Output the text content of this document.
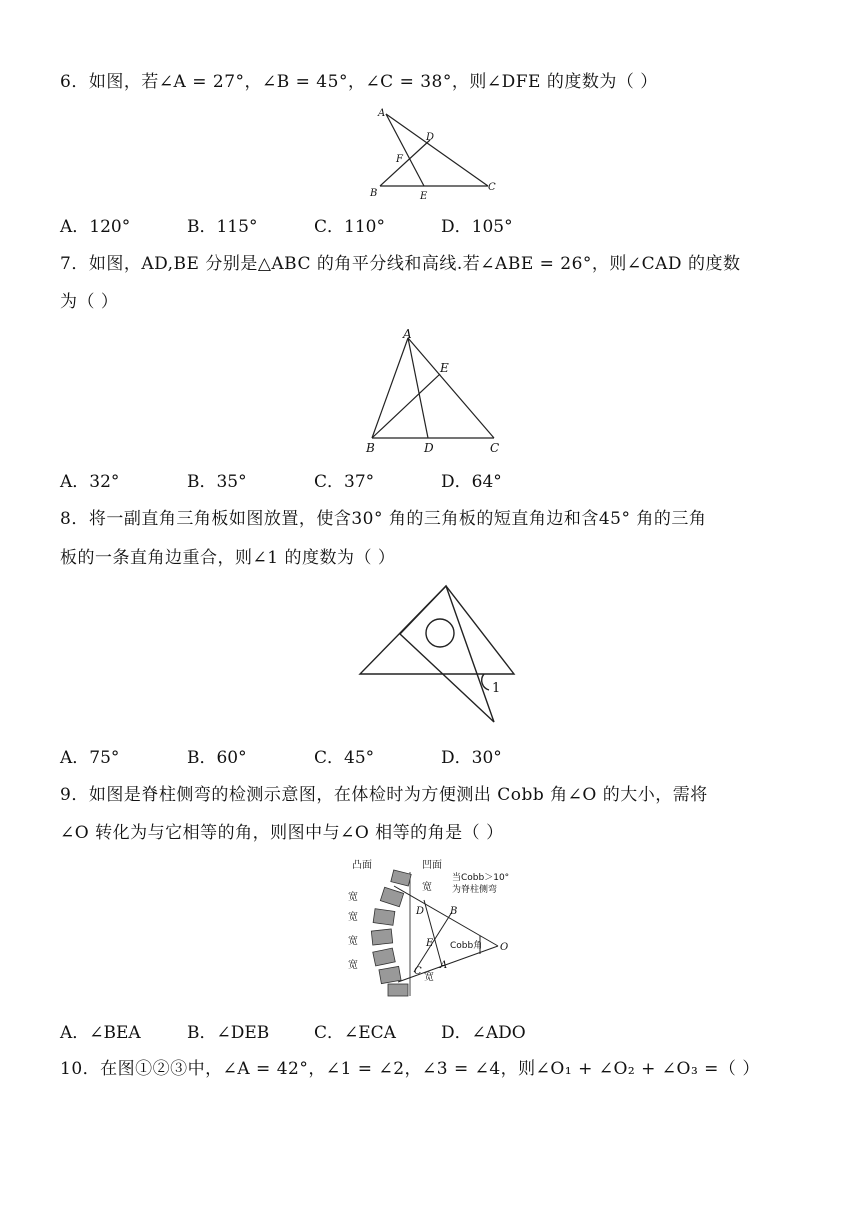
6．如图，若∠A = 27°，∠B = 45°，∠C = 38°，则∠DFE 的度数为（ ）
A
D
F
B	E
C
A．120°	B．115°	C．110°	D．105°
7．如图，AD,BE 分别是△ABC 的角平分线和高线.若∠ABE = 26°，则∠CAD 的度数
为（ ）
A
E
B	D	C
A．32°	B．35°	C．37°	D．64°
8．将一副直角三角板如图放置，使含30° 角的三角板的短直角边和含45° 角的三角
板的一条直角边重合，则∠1 的度数为（ ）
1
A．75°	B．60°	C．45°	D．30°
9．如图是脊柱侧弯的检测示意图，在体检时为方便测出 Cobb 角∠O 的大小，需将
∠O 转化为与它相等的角，则图中与∠O 相等的角是（ ）
凸面	凹面
当Cobb＞10°
为脊柱侧弯
宽
宽
宽
宽
宽
宽
Cobb角
D	B
E
C
A
O
A．∠BEA	B．∠DEB	C．∠ECA	D．∠ADO
10．在图①②③中，∠A = 42°，∠1 = ∠2，∠3 = ∠4，则∠O₁ + ∠O₂ + ∠O₃ =（ ）
